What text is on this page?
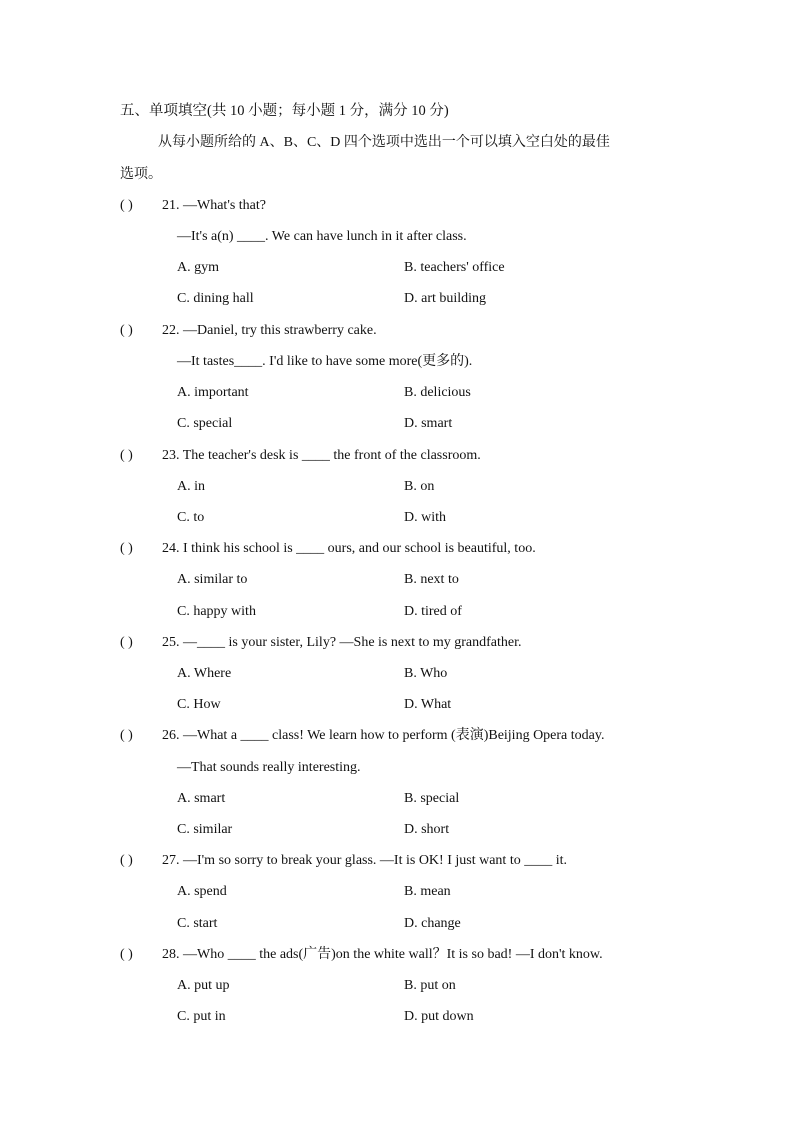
五、单项填空(共 10 小题；每小题 1 分，满分 10 分)
从每小题所给的 A、B、C、D 四个选项中选出一个可以填入空白处的最佳
选项。
( ) 21. —What's that?
—It's a(n) ____. We can have lunch in it after class.
A. gym	B. teachers' office
C. dining hall	D. art building
( ) 22. —Daniel, try this strawberry cake.
—It tastes____. I'd like to have some more(更多的).
A. important	B. delicious
C. special	D. smart
( ) 23. The teacher's desk is ____ the front of the classroom.
A. in	B. on
C. to	D. with
( ) 24. I think his school is ____ ours, and our school is beautiful, too.
A. similar to	B. next to
C. happy with	D. tired of
( ) 25. —____ is your sister, Lily? —She is next to my grandfather.
A. Where	B. Who
C. How	D. What
( ) 26. —What a ____ class! We learn how to perform (表演)Beijing Opera today.
—That sounds really interesting.
A. smart	B. special
C. similar	D. short
( ) 27. —I'm so sorry to break your glass. —It is OK! I just want to ____ it.
A. spend	B. mean
C. start	D. change
( ) 28. —Who ____ the ads(广告)on the white wall？It is so bad! —I don't know.
A. put up	B. put on
C. put in	D. put down
